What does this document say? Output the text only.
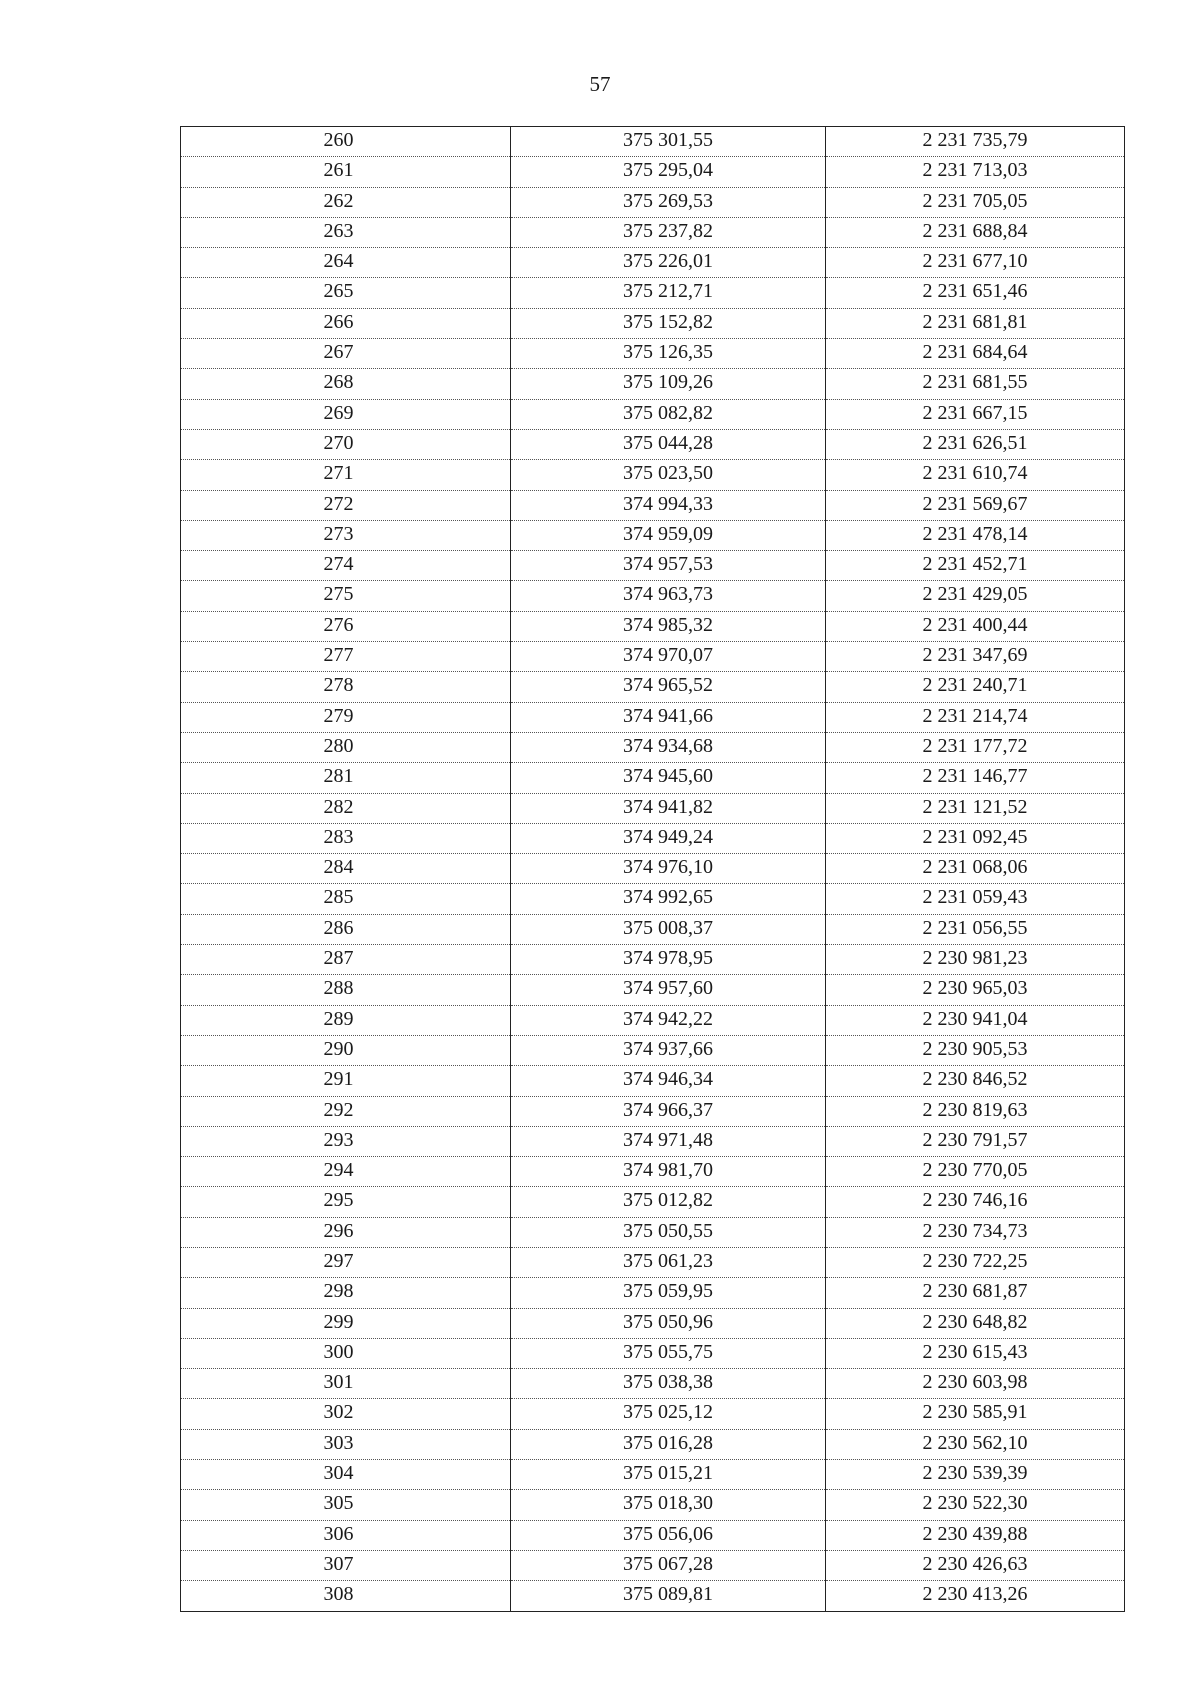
57
260	375 301,55	2 231 735,79
261	375 295,04	2 231 713,03
262	375 269,53	2 231 705,05
263	375 237,82	2 231 688,84
264	375 226,01	2 231 677,10
265	375 212,71	2 231 651,46
266	375 152,82	2 231 681,81
267	375 126,35	2 231 684,64
268	375 109,26	2 231 681,55
269	375 082,82	2 231 667,15
270	375 044,28	2 231 626,51
271	375 023,50	2 231 610,74
272	374 994,33	2 231 569,67
273	374 959,09	2 231 478,14
274	374 957,53	2 231 452,71
275	374 963,73	2 231 429,05
276	374 985,32	2 231 400,44
277	374 970,07	2 231 347,69
278	374 965,52	2 231 240,71
279	374 941,66	2 231 214,74
280	374 934,68	2 231 177,72
281	374 945,60	2 231 146,77
282	374 941,82	2 231 121,52
283	374 949,24	2 231 092,45
284	374 976,10	2 231 068,06
285	374 992,65	2 231 059,43
286	375 008,37	2 231 056,55
287	374 978,95	2 230 981,23
288	374 957,60	2 230 965,03
289	374 942,22	2 230 941,04
290	374 937,66	2 230 905,53
291	374 946,34	2 230 846,52
292	374 966,37	2 230 819,63
293	374 971,48	2 230 791,57
294	374 981,70	2 230 770,05
295	375 012,82	2 230 746,16
296	375 050,55	2 230 734,73
297	375 061,23	2 230 722,25
298	375 059,95	2 230 681,87
299	375 050,96	2 230 648,82
300	375 055,75	2 230 615,43
301	375 038,38	2 230 603,98
302	375 025,12	2 230 585,91
303	375 016,28	2 230 562,10
304	375 015,21	2 230 539,39
305	375 018,30	2 230 522,30
306	375 056,06	2 230 439,88
307	375 067,28	2 230 426,63
308	375 089,81	2 230 413,26
